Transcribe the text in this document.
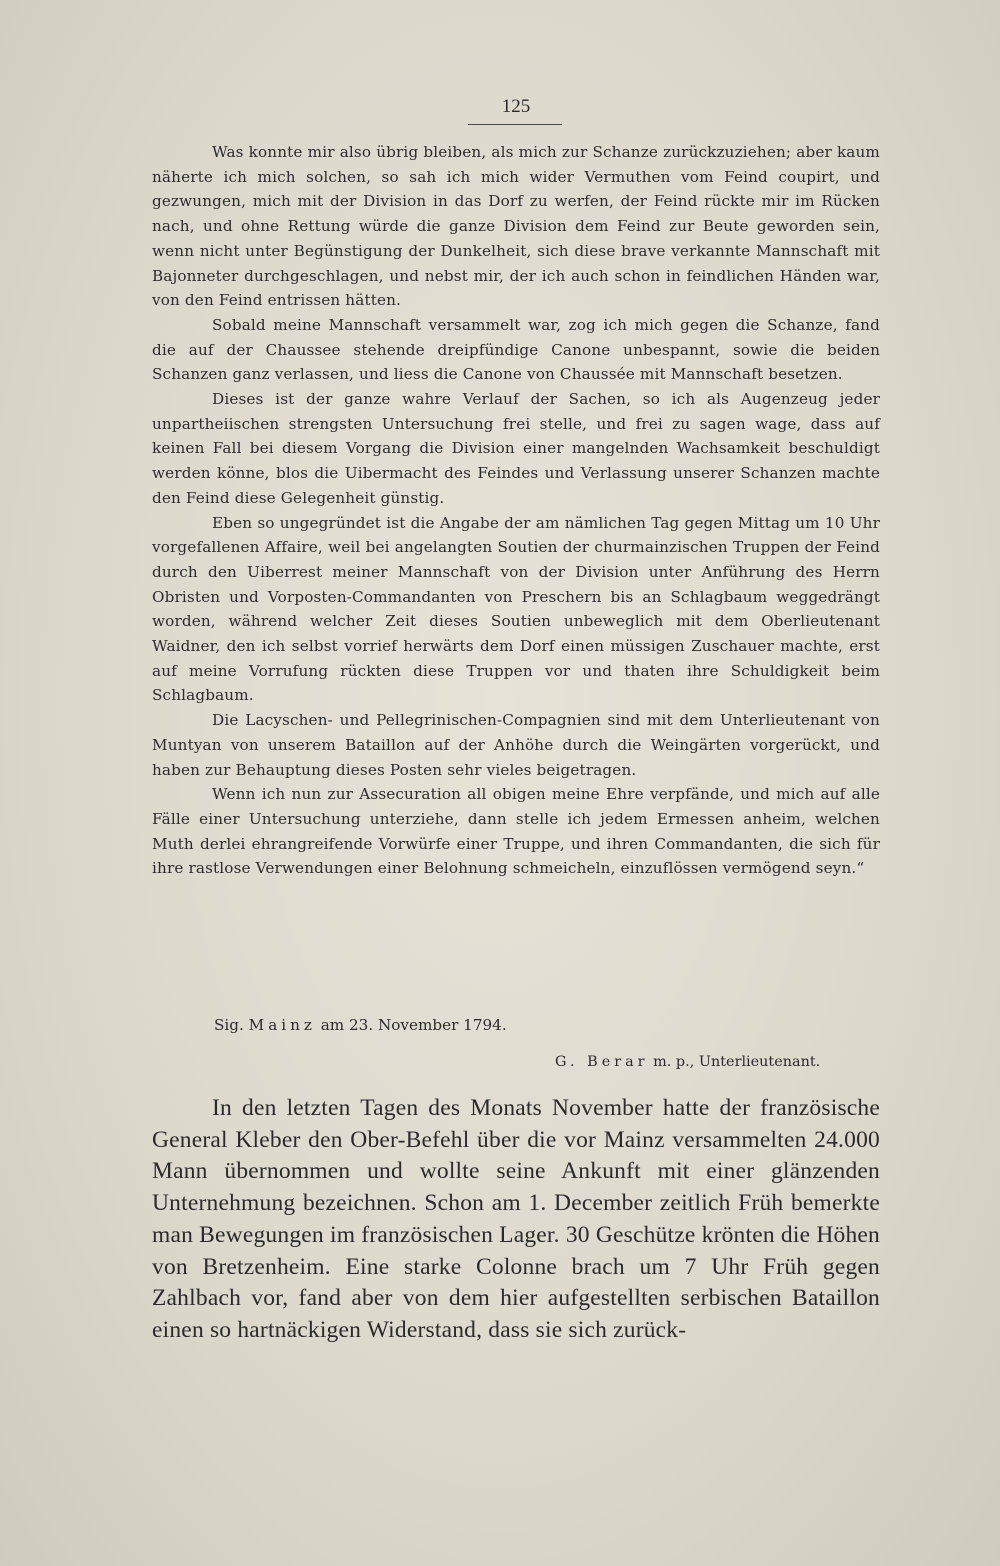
125

Was konnte mir also übrig bleiben, als mich zur Schanze zurückzuziehen; aber kaum näherte ich mich solchen, so sah ich mich wider Vermuthen vom Feind coupirt, und gezwungen, mich mit der Division in das Dorf zu werfen, der Feind rückte mir im Rücken nach, und ohne Rettung würde die ganze Division dem Feind zur Beute geworden sein, wenn nicht unter Begünstigung der Dunkelheit, sich diese brave verkannte Mannschaft mit Bajonneter durchgeschlagen, und nebst mir, der ich auch schon in feindlichen Händen war, von den Feind entrissen hätten.

Sobald meine Mannschaft versammelt war, zog ich mich gegen die Schanze, fand die auf der Chaussee stehende dreipfündige Canone unbespannt, sowie die beiden Schanzen ganz verlassen, und liess die Canone von Chaussée mit Mannschaft besetzen.

Dieses ist der ganze wahre Verlauf der Sachen, so ich als Augenzeug jeder unpartheiischen strengsten Untersuchung frei stelle, und frei zu sagen wage, dass auf keinen Fall bei diesem Vorgang die Division einer mangelnden Wachsamkeit beschuldigt werden könne, blos die Uibermacht des Feindes und Verlassung unserer Schanzen machte den Feind diese Gelegenheit günstig.

Eben so ungegründet ist die Angabe der am nämlichen Tag gegen Mittag um 10 Uhr vorgefallenen Affaire, weil bei angelangten Soutien der churmainzischen Truppen der Feind durch den Uiberrest meiner Mannschaft von der Division unter Anführung des Herrn Obristen und Vorposten-Commandanten von Preschern bis an Schlagbaum weggedrängt worden, während welcher Zeit dieses Soutien unbeweglich mit dem Oberlieutenant Waidner, den ich selbst vorrief herwärts dem Dorf einen müssigen Zuschauer machte, erst auf meine Vorrufung rückten diese Truppen vor und thaten ihre Schuldigkeit beim Schlagbaum.

Die Lacyschen- und Pellegrinischen-Compagnien sind mit dem Unterlieutenant von Muntyan von unserem Bataillon auf der Anhöhe durch die Weingärten vorgerückt, und haben zur Behauptung dieses Posten sehr vieles beigetragen.

Wenn ich nun zur Assecuration all obigen meine Ehre verpfände, und mich auf alle Fälle einer Untersuchung unterziehe, dann stelle ich jedem Ermessen anheim, welchen Muth derlei ehrangreifende Vorwürfe einer Truppe, und ihren Commandanten, die sich für ihre rastlose Verwendungen einer Belohnung schmeicheln, einzuflössen vermögend seyn.“

Sig. Mainz am 23. November 1794.
G. Berar m. p., Unterlieutenant.

In den letzten Tagen des Monats November hatte der französische General Kleber den Ober-Befehl über die vor Mainz versammelten 24.000 Mann übernommen und wollte seine Ankunft mit einer glänzenden Unternehmung bezeichnen. Schon am 1. December zeitlich Früh bemerkte man Bewegungen im französischen Lager. 30 Geschütze krönten die Höhen von Bretzenheim. Eine starke Colonne brach um 7 Uhr Früh gegen Zahlbach vor, fand aber von dem hier aufgestellten serbischen Bataillon einen so hartnäckigen Widerstand, dass sie sich zurück-
